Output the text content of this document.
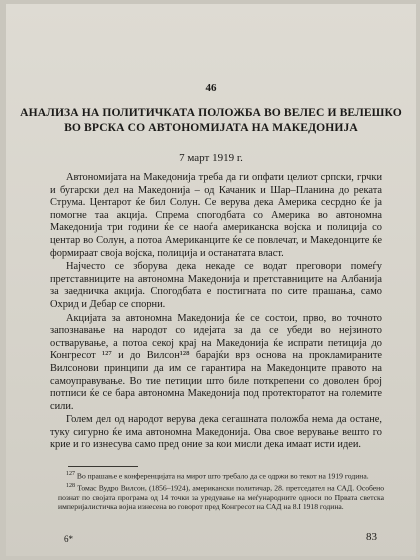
46
АНАЛИЗА НА ПОЛИТИЧКАТА ПОЛОЖБА ВО ВЕЛЕС И ВЕЛЕШКО
ВО ВРСКА СО АВТОНОМИЈАТА НА МАКЕДОНИЈА
7 март 1919 г.

Автономијата на Македонија треба да ги опфати целиот српски, грчки и бугарски дел на Македонија – од Качаник и Шар–Планина до реката Струма. Центарот ќе бил Солун. Се верува дека Америка сесрдно ќе ја помогне таа акција. Спрема спогодбата со Америка во автономна Македонија три години ќе се наоѓа американска војска и полиција со центар во Солун, а потоа Американците ќе се повлечат, и Македонците ќе формираат своја војска, полиција и останатата власт.

Најчесто се зборува дека некаде се водат преговори помеѓу претставниците на автономна Македонија и претставниците на Албанија за заедничка акција. Спогодбата е постигната по сите прашања, само Охрид и Дебар се спорни.

Акцијата за автономна Македонија ќе се состои, прво, во точното запознавање на народот со идејата за да се убеди во нејзиното остварување, а потоа секој крај на Македонија ќе испрати петиција до Конгресот ¹²⁷ и до Вилсон¹²⁸ барајќи врз основа на прокламираните Вилсонови принципи да им се гарантира на Македонците правото на самоуправување. Во тие петиции што биле поткрепени со доволен број потписи ќе се бара автономна Македонија под протекторатот на големите сили.

Голем дел од народот верува дека сегашната положба нема да остане, туку сигурно ќе има автономна Македонија. Ова свое верување вешто го крие и го изнесува само пред оние за кои мисли дека имаат исти идеи.

$^{127}$ Во прашање е конференцијата на мирот што требало да се одржи во текот на 1919 година.

$^{128}$ Томас Вудро Вилсон, (1856–1924), американски политичар, 28. претседател на САД. Особено познат по својата програма од 14 точки за уредување на меѓународните односи по Првата светска империјалистичка војна изнесена во говорот пред Конгресот на САД на 8.I 1918 година.

6*	83
